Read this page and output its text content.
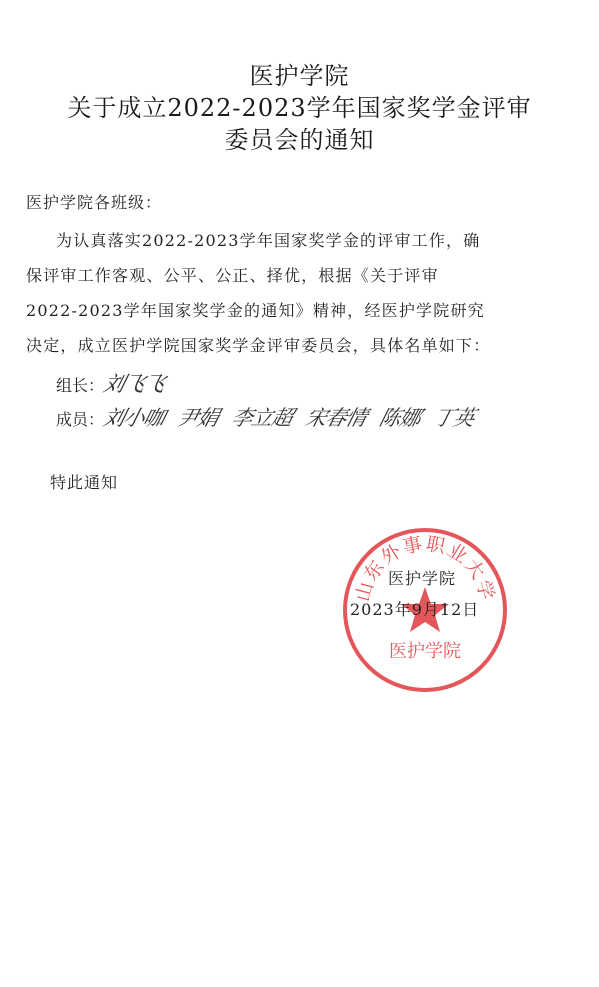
医护学院
关于成立2022-2023学年国家奖学金评审
委员会的通知
医护学院各班级：
为认真落实2022-2023学年国家奖学金的评审工作，确
保评审工作客观、公平、公正、择优，根据《关于评审
2022-2023学年国家奖学金的通知》精神，经医护学院研究
决定，成立医护学院国家奖学金评审委员会，具体名单如下：
组长：刘飞飞
成员：刘小咖 尹娟 李立超 宋春情 陈娜 丁英
特此通知
山东外事职业大学
医护学院
医护学院
2023年9月12日
